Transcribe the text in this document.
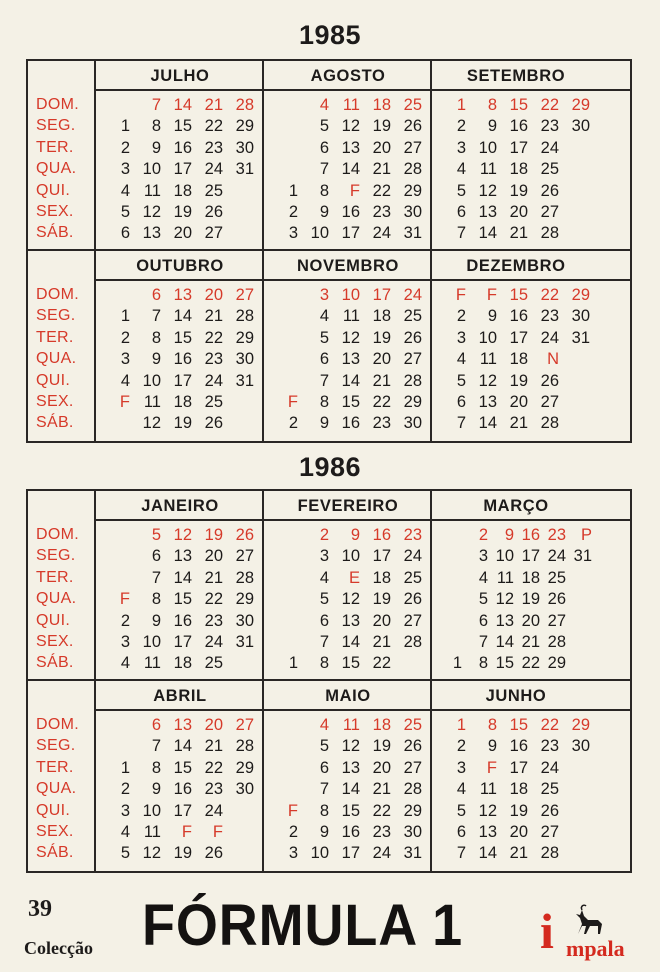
1985
DOM.
SEG.
TER.
QUA.
QUI.
SEX.
SÁB.
JULHO
1
2
3
4
5
6
7
8
9
10
11
12
13
14
15
16
17
18
19
20
21
22
23
24
25
26
27
28
29
30
31
AGOSTO
1
2
3
4
5
6
7
8
9
10
11
12
13
14
F
16
17
18
19
20
21
22
23
24
25
26
27
28
29
30
31
SETEMBRO
1
2
3
4
5
6
7
8
9
10
11
12
13
14
15
16
17
18
19
20
21
22
23
24
25
26
27
28
29
30
DOM.
SEG.
TER.
QUA.
QUI.
SEX.
SÁB.
OUTUBRO
1
2
3
4
F
6
7
8
9
10
11
12
13
14
15
16
17
18
19
20
21
22
23
24
25
26
27
28
29
30
31
NOVEMBRO
F
2
3
4
5
6
7
8
9
10
11
12
13
14
15
16
17
18
19
20
21
22
23
24
25
26
27
28
29
30
DEZEMBRO
F
2
3
4
5
6
7
F
9
10
11
12
13
14
15
16
17
18
19
20
21
22
23
24
N
26
27
28
29
30
31
1986
DOM.
SEG.
TER.
QUA.
QUI.
SEX.
SÁB.
JANEIRO
F
2
3
4
5
6
7
8
9
10
11
12
13
14
15
16
17
18
19
20
21
22
23
24
25
26
27
28
29
30
31
FEVEREIRO
1
2
3
4
5
6
7
8
9
10
E
12
13
14
15
16
17
18
19
20
21
22
23
24
25
26
27
28
MARÇO
1
2
3
4
5
6
7
8
9
10
11
12
13
14
15
16
17
18
19
20
21
22
23
24
25
26
27
28
29
P
31
DOM.
SEG.
TER.
QUA.
QUI.
SEX.
SÁB.
ABRIL
1
2
3
4
5
6
7
8
9
10
11
12
13
14
15
16
17
F
19
20
21
22
23
24
F
26
27
28
29
30
MAIO
F
2
3
4
5
6
7
8
9
10
11
12
13
14
15
16
17
18
19
20
21
22
23
24
25
26
27
28
29
30
31
JUNHO
1
2
3
4
5
6
7
8
9
F
11
12
13
14
15
16
17
18
19
20
21
22
23
24
25
26
27
28
29
30
39
Colecção FÓRMULA 1	i mpala
